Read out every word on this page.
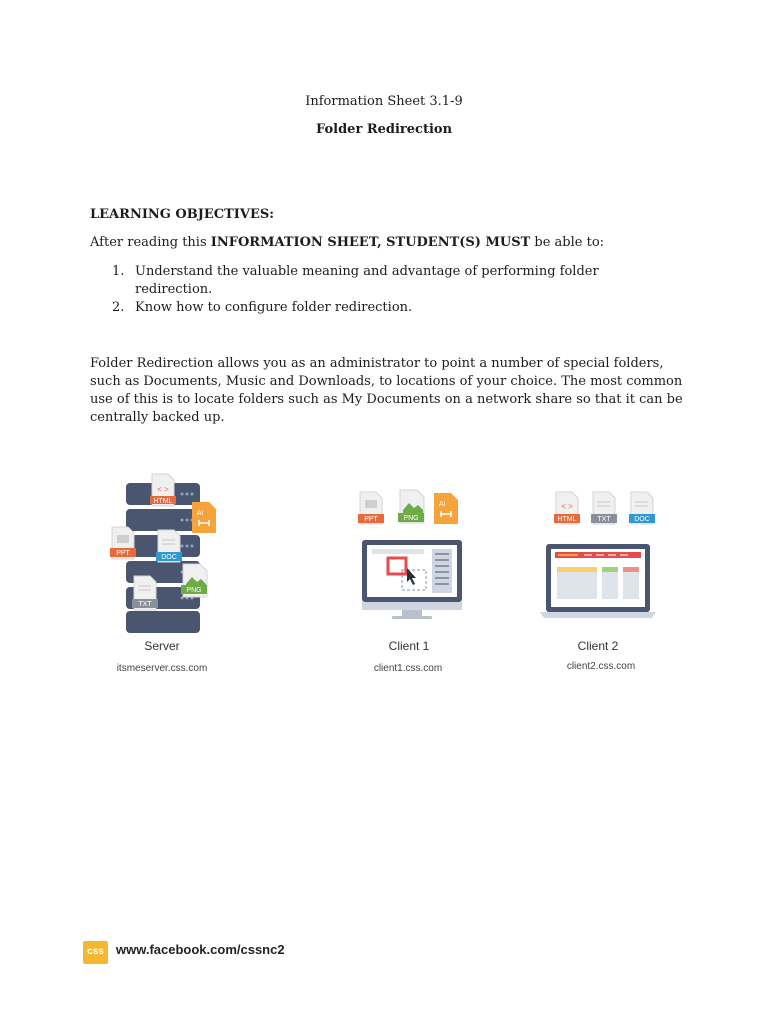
Information Sheet 3.1-9
Folder Redirection
LEARNING OBJECTIVES:
After reading this INFORMATION SHEET, STUDENT(S) MUST be able to:
1. Understand the valuable meaning and advantage of performing folder redirection.
2. Know how to configure folder redirection.
Folder Redirection allows you as an administrator to point a number of special folders, such as Documents, Music and Downloads, to locations of your choice. The most common use of this is to locate folders such as My Documents on a network share so that it can be centrally backed up.
< >
HTML
Ai
PPT
DOC
TXT
PNG
Server
itsmeserver.css.com
PPT	PNG
Ai
Client 1
client1.css.com
< >
HTML	TXT	DOC
Client 2
client2.css.com
css www.facebook.com/cssnc2
